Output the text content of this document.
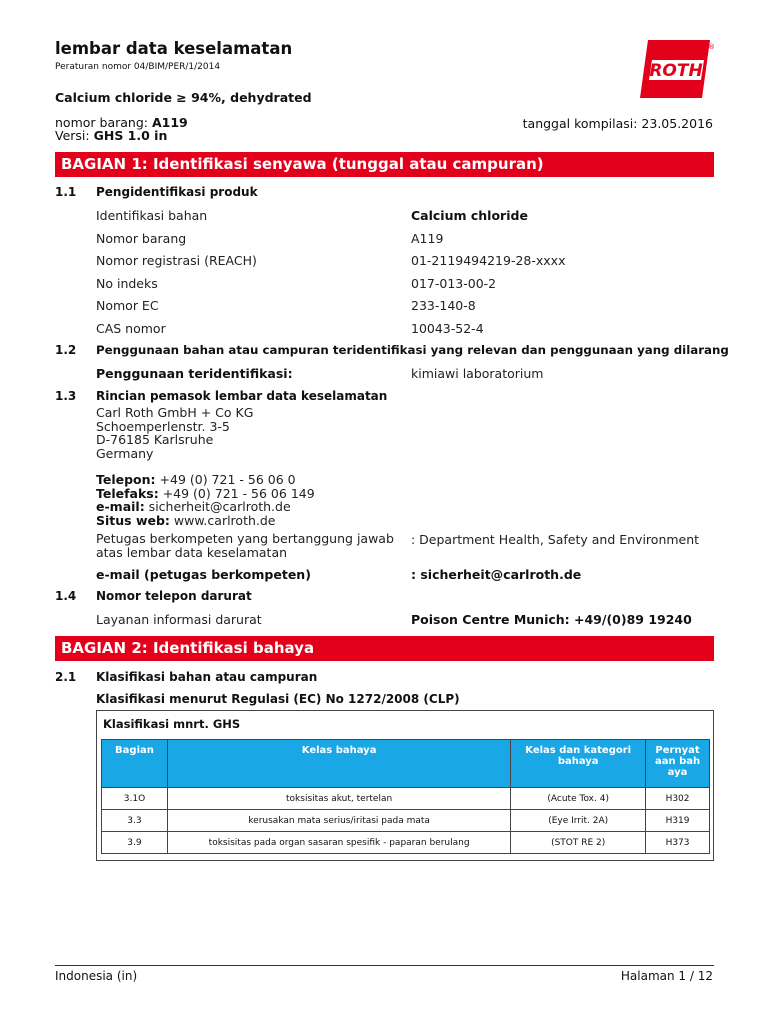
lembar data keselamatan
Peraturan nomor 04/BIM/PER/1/2014
Calcium chloride ≥ 94%, dehydrated
ROTH
®
nomor barang: A119
Versi: GHS 1.0 in
tanggal kompilasi: 23.05.2016
BAGIAN 1: Identifikasi senyawa (tunggal atau campuran)
1.1 Pengidentifikasi produk
Identifikasi bahan	Calcium chloride
Nomor barang	A119
Nomor registrasi (REACH)	01-2119494219-28-xxxx
No indeks	017-013-00-2
Nomor EC	233-140-8
CAS nomor	10043-52-4
1.2 Penggunaan bahan atau campuran teridentifikasi yang relevan dan penggunaan yang dilarang
Penggunaan teridentifikasi:	kimiawi laboratorium
1.3 Rincian pemasok lembar data keselamatan
Carl Roth GmbH + Co KG
Schoemperlenstr. 3-5
D-76185 Karlsruhe
Germany
Telepon: +49 (0) 721 - 56 06 0
Telefaks: +49 (0) 721 - 56 06 149
e-mail: sicherheit@carlroth.de
Situs web: www.carlroth.de
Petugas berkompeten yang bertanggung jawab
atas lembar data keselamatan
: Department Health, Safety and Environment
e-mail (petugas berkompeten)	: sicherheit@carlroth.de
1.4 Nomor telepon darurat
Layanan informasi darurat	Poison Centre Munich: +49/(0)89 19240
BAGIAN 2: Identifikasi bahaya
2.1 Klasifikasi bahan atau campuran
Klasifikasi menurut Regulasi (EC) No 1272/2008 (CLP)
Klasifikasi mnrt. GHS
Bagian	Kelas bahaya	Kelas dan kategori bahaya	Pernyataan bahaya
3.1O	toksisitas akut, tertelan	(Acute Tox. 4)	H302
3.3	kerusakan mata serius/iritasi pada mata	(Eye Irrit. 2A)	H319
3.9	toksisitas pada organ sasaran spesifik - paparan berulang	(STOT RE 2)	H373
Indonesia (in)	Halaman 1 / 12
